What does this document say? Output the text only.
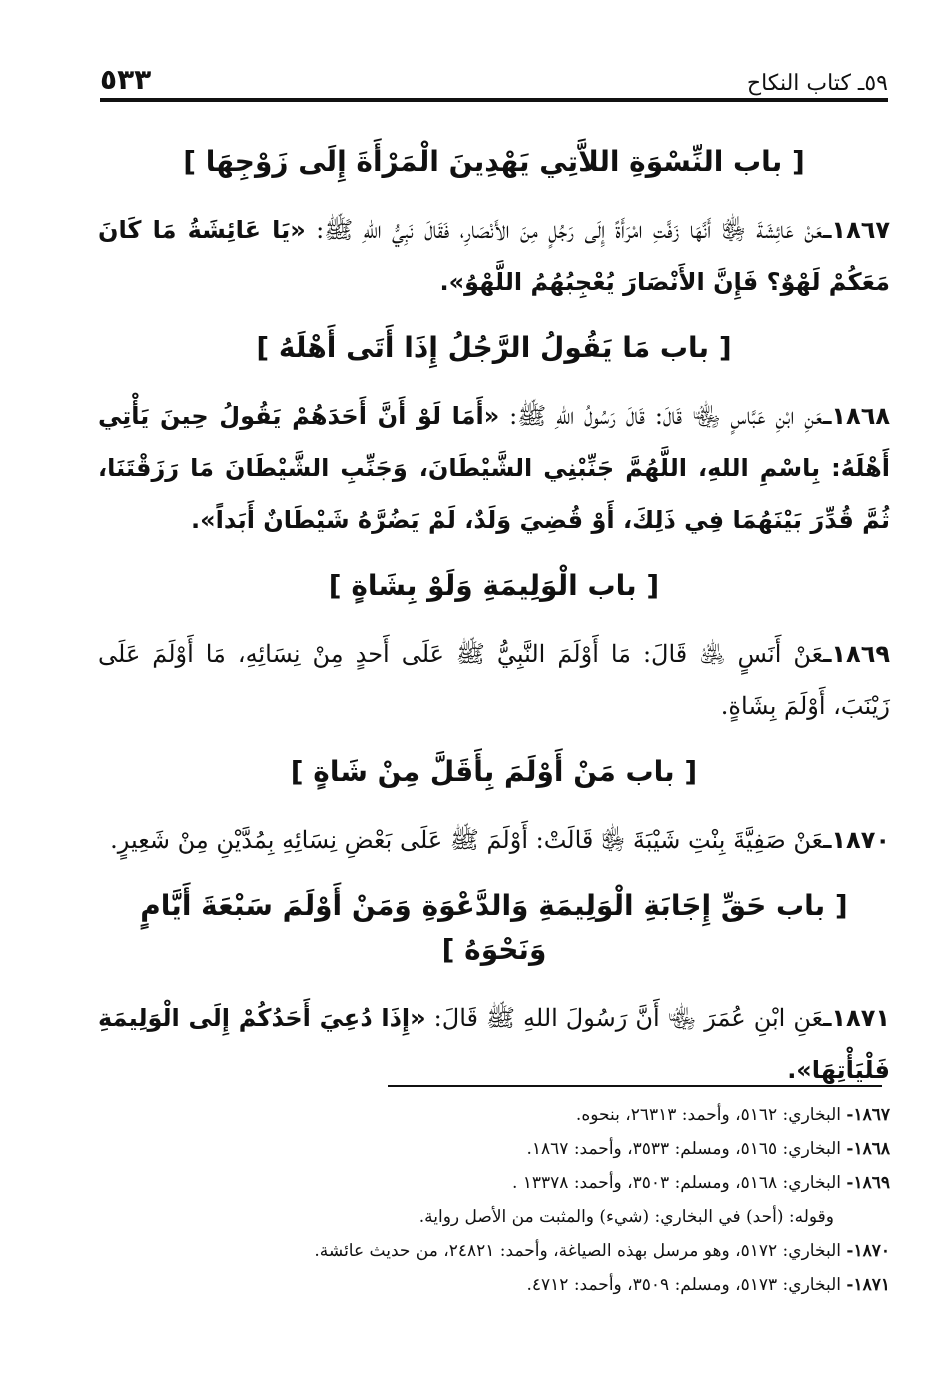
٥٩ـ كتاب النكاح
٥٣٣
[ باب النِّسْوَةِ اللاَّتِي يَهْدِينَ الْمَرْأَةَ إِلَى زَوْجِهَا ]

١٨٦٧ـعَنْ عَائِشَةَ ﵂ أَنَّهَا زَفَّتِ امْرَأَةً إِلَى رَجُلٍ مِنَ الأَنْصَارِ، فَقَالَ نَبِيُّ اللهِ ﷺ: «يَا عَائِشَةُ مَا كَانَ مَعَكُمْ لَهْوٌ؟ فَإِنَّ الأَنْصَارَ يُعْجِبُهُمُ اللَّهْوُ».

[ باب مَا يَقُولُ الرَّجُلُ إِذَا أَتَى أَهْلَهُ ]

١٨٦٨ـعَنِ ابْنِ عَبَّاسٍ ﵄ قَالَ: قَالَ رَسُولُ اللهِ ﷺ: «أَمَا لَوْ أَنَّ أَحَدَهُمْ يَقُولُ حِينَ يَأْتِي أَهْلَهُ: بِاسْمِ اللهِ، اللَّهُمَّ جَنِّبْنِي الشَّيْطَانَ، وَجَنِّبِ الشَّيْطَانَ مَا رَزَقْتَنَا، ثُمَّ قُدِّرَ بَيْنَهُمَا فِي ذَلِكَ، أَوْ قُضِيَ وَلَدٌ، لَمْ يَضُرَّهُ شَيْطَانٌ أَبَداً».

[ باب الْوَلِيمَةِ وَلَوْ بِشَاةٍ ]

١٨٦٩ـعَنْ أَنَسٍ ﵁ قَالَ: مَا أَوْلَمَ النَّبِيُّ ﷺ عَلَى أَحدٍ مِنْ نِسَائِهِ، مَا أَوْلَمَ عَلَى زَيْنَبَ، أَوْلَمَ بِشَاةٍ.

[ باب مَنْ أَوْلَمَ بِأَقَلَّ مِنْ شَاةٍ ]

١٨٧٠ـعَنْ صَفِيَّةَ بِنْتِ شَيْبَةَ ﵂ قَالَتْ: أَوْلَمَ ﷺ عَلَى بَعْضِ نِسَائِهِ بِمُدَّيْنِ مِنْ شَعِيرٍ.

[ باب حَقِّ إِجَابَةِ الْوَلِيمَةِ وَالدَّعْوَةِ وَمَنْ أَوْلَمَ سَبْعَةَ أَيَّامٍ وَنَحْوَهُ ]

١٨٧١ـعَنِ ابْنِ عُمَرَ ﵄ أَنَّ رَسُولَ اللهِ ﷺ قَالَ: «إِذَا دُعِيَ أَحَدُكُمْ إِلَى الْوَلِيمَةِ فَلْيَأْتِهَا».

١٨٦٧- البخاري: ٥١٦٢، وأحمد: ٢٦٣١٣، بنحوه.

١٨٦٨- البخاري: ٥١٦٥، ومسلم: ٣٥٣٣، وأحمد: ١٨٦٧.

١٨٦٩- البخاري: ٥١٦٨، ومسلم: ٣٥٠٣، وأحمد: ١٣٣٧٨ .

وقوله: (أحد) في البخاري: (شيء) والمثبت من الأصل رواية.

١٨٧٠- البخاري: ٥١٧٢، وهو مرسل بهذه الصياغة، وأحمد: ٢٤٨٢١، من حديث عائشة.

١٨٧١- البخاري: ٥١٧٣، ومسلم: ٣٥٠٩، وأحمد: ٤٧١٢.
